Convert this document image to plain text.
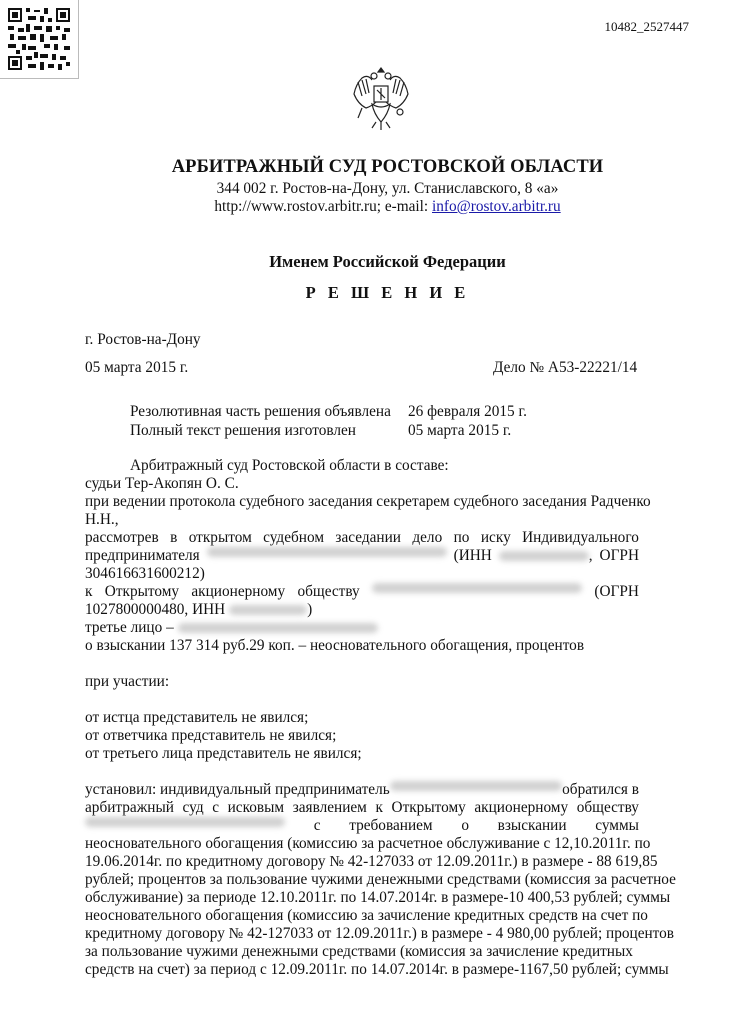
10482_2527447
АРБИТРАЖНЫЙ СУД РОСТОВСКОЙ ОБЛАСТИ
344 002 г. Ростов-на-Дону, ул. Станиславского, 8 «а»
http://www.rostov.arbitr.ru; e-mail: info@rostov.arbitr.ru
Именем Российской Федерации
Р Е Ш Е Н И Е
г. Ростов-на-Дону
05 марта 2015 г.	Дело № А53-22221/14
Резолютивная часть решения объявлена 26 февраля 2015 г.
Полный текст решения изготовлен	05 марта 2015 г.
Арбитражный суд Ростовской области в составе:
судьи Тер-Акопян О. С.
при ведении протокола судебного заседания секретарем судебного заседания Радченко
Н.Н.,
рассмотрев в открытом судебном заседании дело по иску Индивидуального
предпринимателя	(ИНН	, ОГРН
304616631600212)
к Открытому акционерному обществу	(ОГРН
1027800000480, ИНН	)
третье лицо –
о взыскании 137 314 руб.29 коп. – неосновательного обогащения, процентов
при участии:
от истца представитель не явился;
от ответчика представитель не явился;
от третьего лица представитель не явился;
установил: индивидуальный предприниматель	обратился в
арбитражный суд с исковым заявлением к Открытому акционерному обществу
с требованием о взыскании суммы
неосновательного обогащения (комиссию за расчетное обслуживание с 12,10.2011г. по
19.06.2014г. по кредитному договору № 42-127033 от 12.09.2011г.) в размере - 88 619,85
рублей; процентов за пользование чужими денежными средствами (комиссия за расчетное
обслуживание) за периоде 12.10.2011г. по 14.07.2014г. в размере-10 400,53 рублей; суммы
неосновательного обогащения (комиссию за зачисление кредитных средств на счет по
кредитному договору № 42-127033 от 12.09.2011г.) в размере - 4 980,00 рублей; процентов
за пользование чужими денежными средствами (комиссия за зачисление кредитных
средств на счет) за период с 12.09.2011г. по 14.07.2014г. в размере-1167,50 рублей; суммы
